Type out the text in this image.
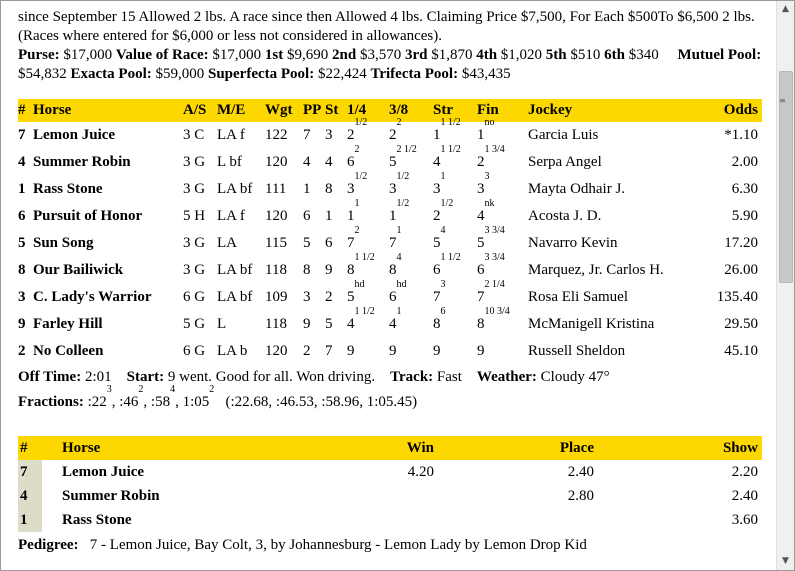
since September 15 Allowed 2 lbs. A race since then Allowed 4 lbs. Claiming Price $7,500, For Each $500To $6,500 2 lbs. (Races where entered for $6,000 or less not considered in allowances).
Purse: $17,000 Value of Race: $17,000 1st $9,690 2nd $3,570 3rd $1,870 4th $1,020 5th $510 6th $340 Mutuel Pool: $54,832 Exacta Pool: $59,000 Superfecta Pool: $22,424 Trifecta Pool: $43,435

#	Horse	A/S	M/E	Wgt	PP	St	1/4	3/8	Str	Fin	Jockey	Odds
7	Lemon Juice	3 C	LA f	122	7	3	$2^{1/2}$	$2^2$	$1^{1 1/2}$	$1^{no}$	Garcia Luis	*1.10
4	Summer Robin	3 G	L bf	120	4	4	$6^2$	$5^{2 1/2}$	$4^{1 1/2}$	$2^{1 3/4}$	Serpa Angel	2.00
1	Rass Stone	3 G	LA bf	111	1	8	$3^{1/2}$	$3^{1/2}$	$3^1$	$3^3$	Mayta Odhair J.	6.30
6	Pursuit of Honor	5 H	LA f	120	6	1	$1^1$	$1^{1/2}$	$2^{1/2}$	$4^{nk}$	Acosta J. D.	5.90
5	Sun Song	3 G	LA	115	5	6	$7^2$	$7^1$	$5^4$	$5^{3 3/4}$	Navarro Kevin	17.20
8	Our Bailiwick	3 G	LA bf	118	8	9	$8^{1 1/2}$	$8^4$	$6^{1 1/2}$	$6^{3 3/4}$	Marquez, Jr. Carlos H.	26.00
3	C. Lady's Warrior	6 G	LA bf	109	3	2	$5^{hd}$	$6^{hd}$	$7^3$	$7^{2 1/4}$	Rosa Eli Samuel	135.40
9	Farley Hill	5 G	L	118	9	5	$4^{1 1/2}$	$4^1$	$8^6$	$8^{10 3/4}$	McManigell Kristina	29.50
2	No Colleen	6 G	LA b	120	2	7	9	9	9	9	Russell Sheldon	45.10

Off Time: 2:01 Start: 9 went. Good for all. Won driving. Track: Fast Weather: Cloudy 47°

Fractions: $:22^3$, $:46^2$, $:58^4$, $1:05^2$   (:22.68, :46.53, :58.96, 1:05.45)

#	Horse	Win	Place	Show
7	Lemon Juice	4.20	2.40	2.20
4	Summer Robin		2.80	2.40
1	Rass Stone			3.60
Pedigree: 7 - Lemon Juice, Bay Colt, 3, by Johannesburg - Lemon Lady by Lemon Drop Kid
▲
≡
▼
